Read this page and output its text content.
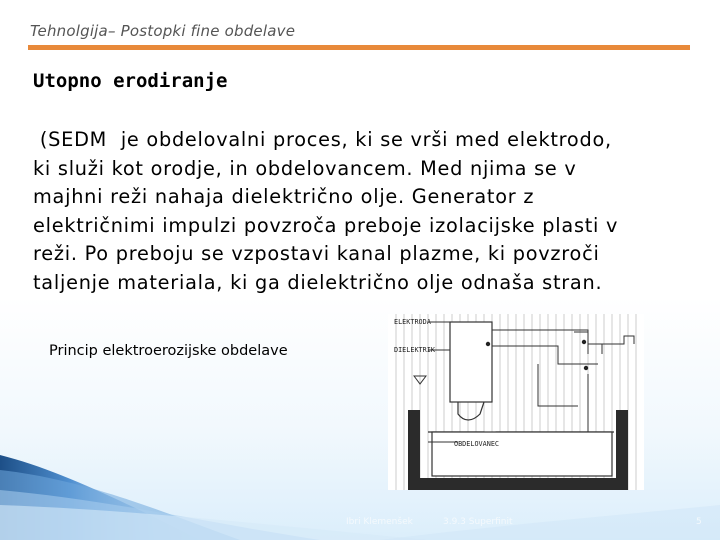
Tehnolgija– Postopki fine obdelave
Utopno erodiranje
(SEDM  je obdelovalni proces, ki se vrši med elektrodo,
ki služi kot orodje, in obdelovancem. Med njima se v
majhni reži nahaja dielektrično olje. Generator z
električnimi impulzi povzroča preboje izolacijske plasti v
reži. Po preboju se vzpostavi kanal plazme, ki povzroči
taljenje materiala, ki ga dielektrično olje odnaša stran.
Princip elektroerozijske obdelave
ELEKTRODA
DIELEKTRIK
OBDELOVANEC
Ibri Klemenšek	3.9.3 Superfinit	5
